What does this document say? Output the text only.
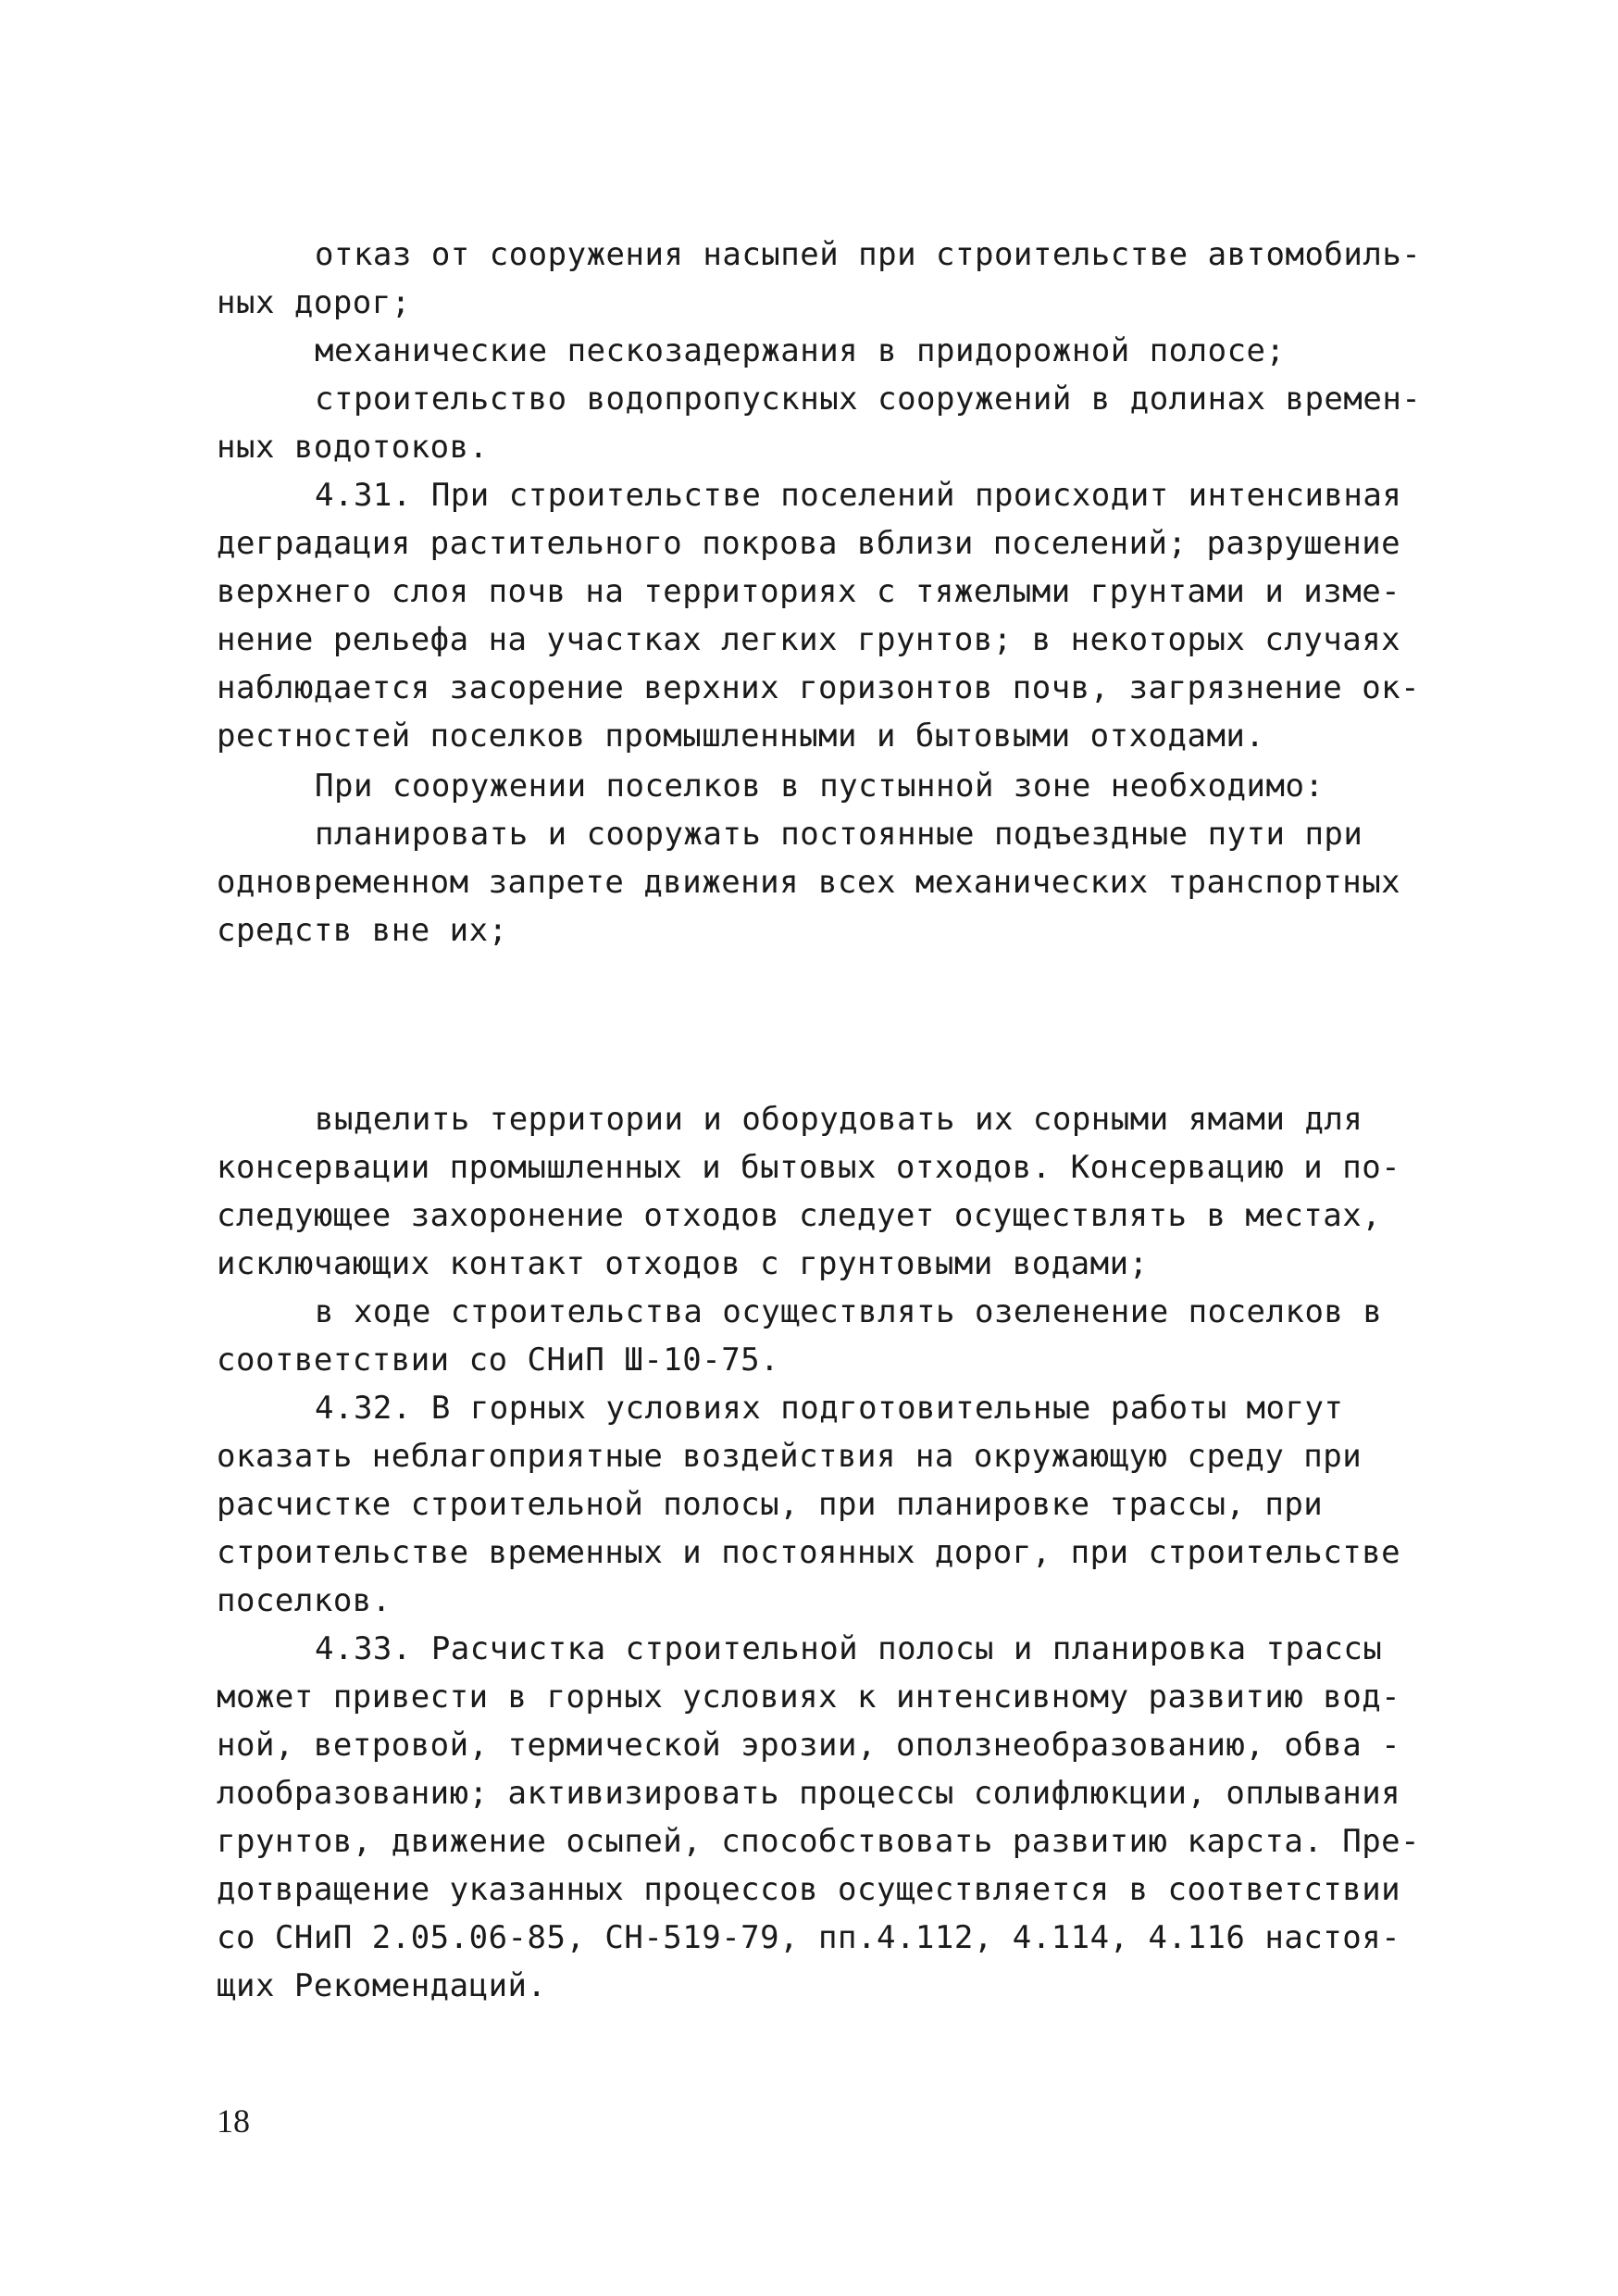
отказ от сооружения насыпей при строительстве автомобиль-
ных дорог;
механические пескозадержания в придорожной полосе;
строительство водопропускных сооружений в долинах времен-
ных водотоков.
4.31. При строительстве поселений происходит интенсивная
деградация растительного покрова вблизи поселений; разрушение
верхнего слоя почв на территориях с тяжелыми грунтами и изме-
нение рельефа на участках легких грунтов; в некоторых случаях
наблюдается засорение верхних горизонтов почв, загрязнение ок-
рестностей поселков промышленными и бытовыми отходами.
При сооружении поселков в пустынной зоне необходимо:
планировать и сооружать постоянные подъездные пути при
одновременном запрете движения всех механических транспортных
средств вне их;
выделить территории и оборудовать их сорными ямами для
консервации промышленных и бытовых отходов. Консервацию и по-
следующее захоронение отходов следует осуществлять в местах,
исключающих контакт отходов с грунтовыми водами;
в ходе строительства осуществлять озеленение поселков в
соответствии со СНиП Ш-10-75.
4.32. В горных условиях подготовительные работы могут
оказать неблагоприятные воздействия на окружающую среду при
расчистке строительной полосы, при планировке трассы, при
строительстве временных и постоянных дорог, при строительстве
поселков.
4.33. Расчистка строительной полосы и планировка трассы
может привести в горных условиях к интенсивному развитию вод-
ной, ветровой, термической эрозии, оползнеобразованию, обва -
лообразованию; активизировать процессы солифлюкции, оплывания
грунтов, движение осыпей, способствовать развитию карста. Пре-
дотвращение указанных процессов осуществляется в соответствии
со СНиП 2.05.06-85, СН-519-79, пп.4.112, 4.114, 4.116 настоя-
щих Рекомендаций.
18
